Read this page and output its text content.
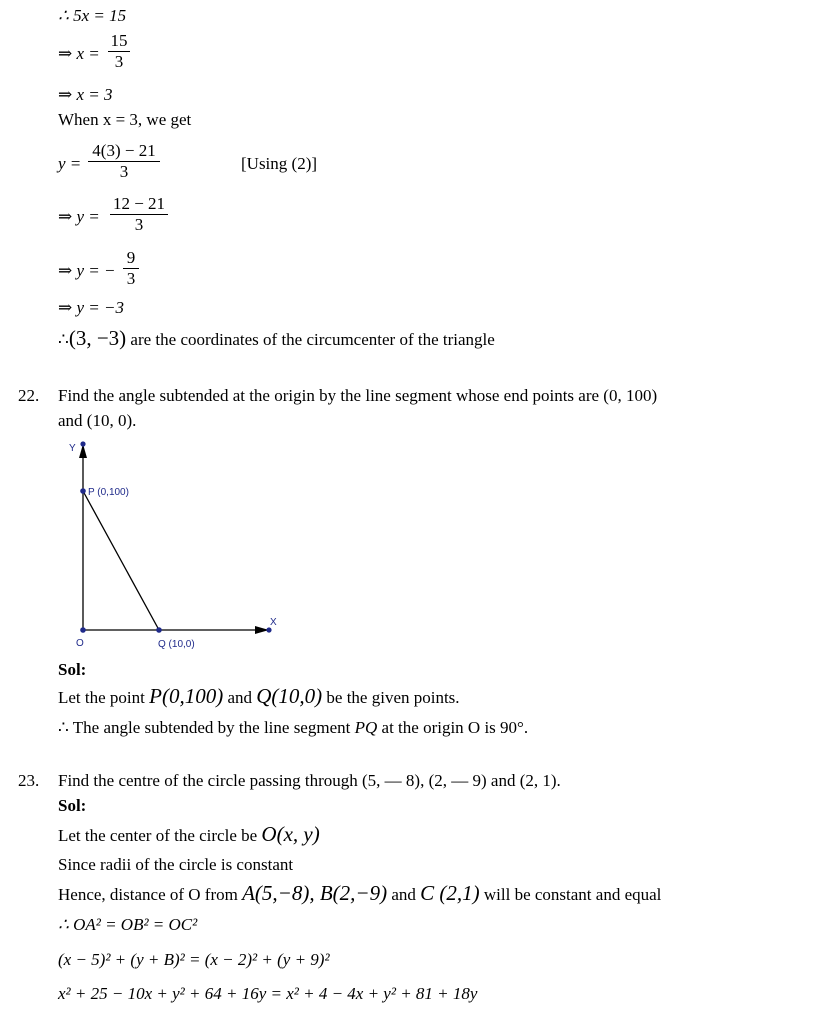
∴ 5x = 15
⇒ x =
15
3
⇒ x = 3
When x = 3, we get
y =
4(3) − 21
3	[Using (2)]
⇒ y =
12 − 21
3
⇒ y = −
9
3
⇒ y = −3
∴(3, −3) are the coordinates of the circumcenter of the triangle
22. Find the angle subtended at the origin by the line segment whose end points are (0, 100)
and (10, 0).
Y
X
P (0,100)
O	Q (10,0)
Sol:
Let the point P(0,100) and Q(10,0) be the given points.
∴ The angle subtended by the line segment PQ at the origin O is 90°.
23. Find the centre of the circle passing through (5, — 8), (2, — 9) and (2, 1).
Sol:
Let the center of the circle be O(x, y)
Since radii of the circle is constant
Hence, distance of O from A(5,−8), B(2,−9) and C (2,1) will be constant and equal
∴ OA² = OB² = OC²
(x − 5)² + (y + B)² = (x − 2)² + (y + 9)²
x² + 25 − 10x + y² + 64 + 16y = x² + 4 − 4x + y² + 81 + 18y
